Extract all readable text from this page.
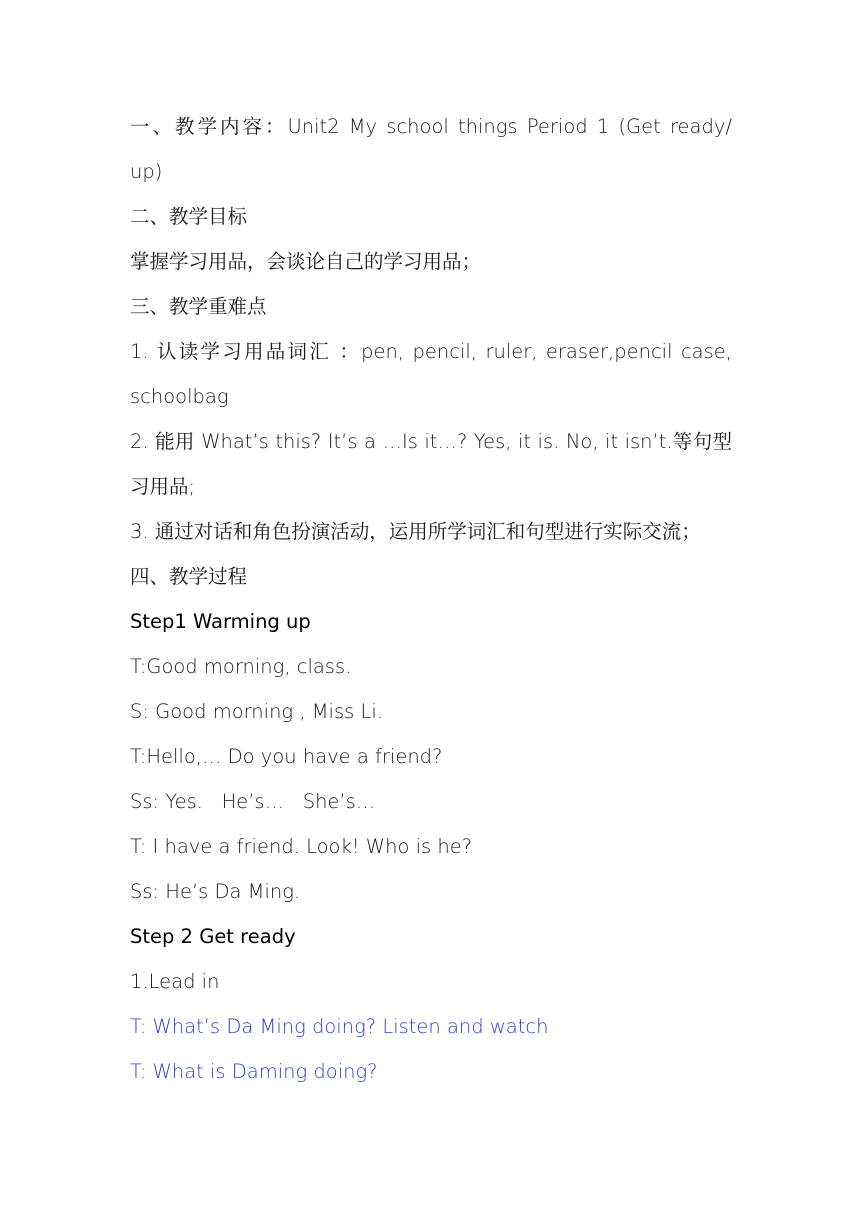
一、教学内容：Unit2 My school things Period 1 (Get ready/
up)
二、教学目标
掌握学习用品，会谈论自己的学习用品；
三、教学重难点
1. 认读学习用品词汇 ：pen, pencil, ruler, eraser,pencil case,
schoolbag
2. 能用 What’s this? It’s a …Is it…? Yes, it is. No, it isn’t.等句型
习用品;
3. 通过对话和角色扮演活动，运用所学词汇和句型进行实际交流；
四、教学过程
Step1 Warming up
T:Good morning, class.
S: Good morning , Miss Li.
T:Hello,… Do you have a friend?
Ss: Yes.   He’s…   She’s…
T: I have a friend. Look! Who is he?
Ss: He’s Da Ming.
Step 2 Get ready
1.Lead in
T: What’s Da Ming doing? Listen and watch
T: What is Daming doing?
